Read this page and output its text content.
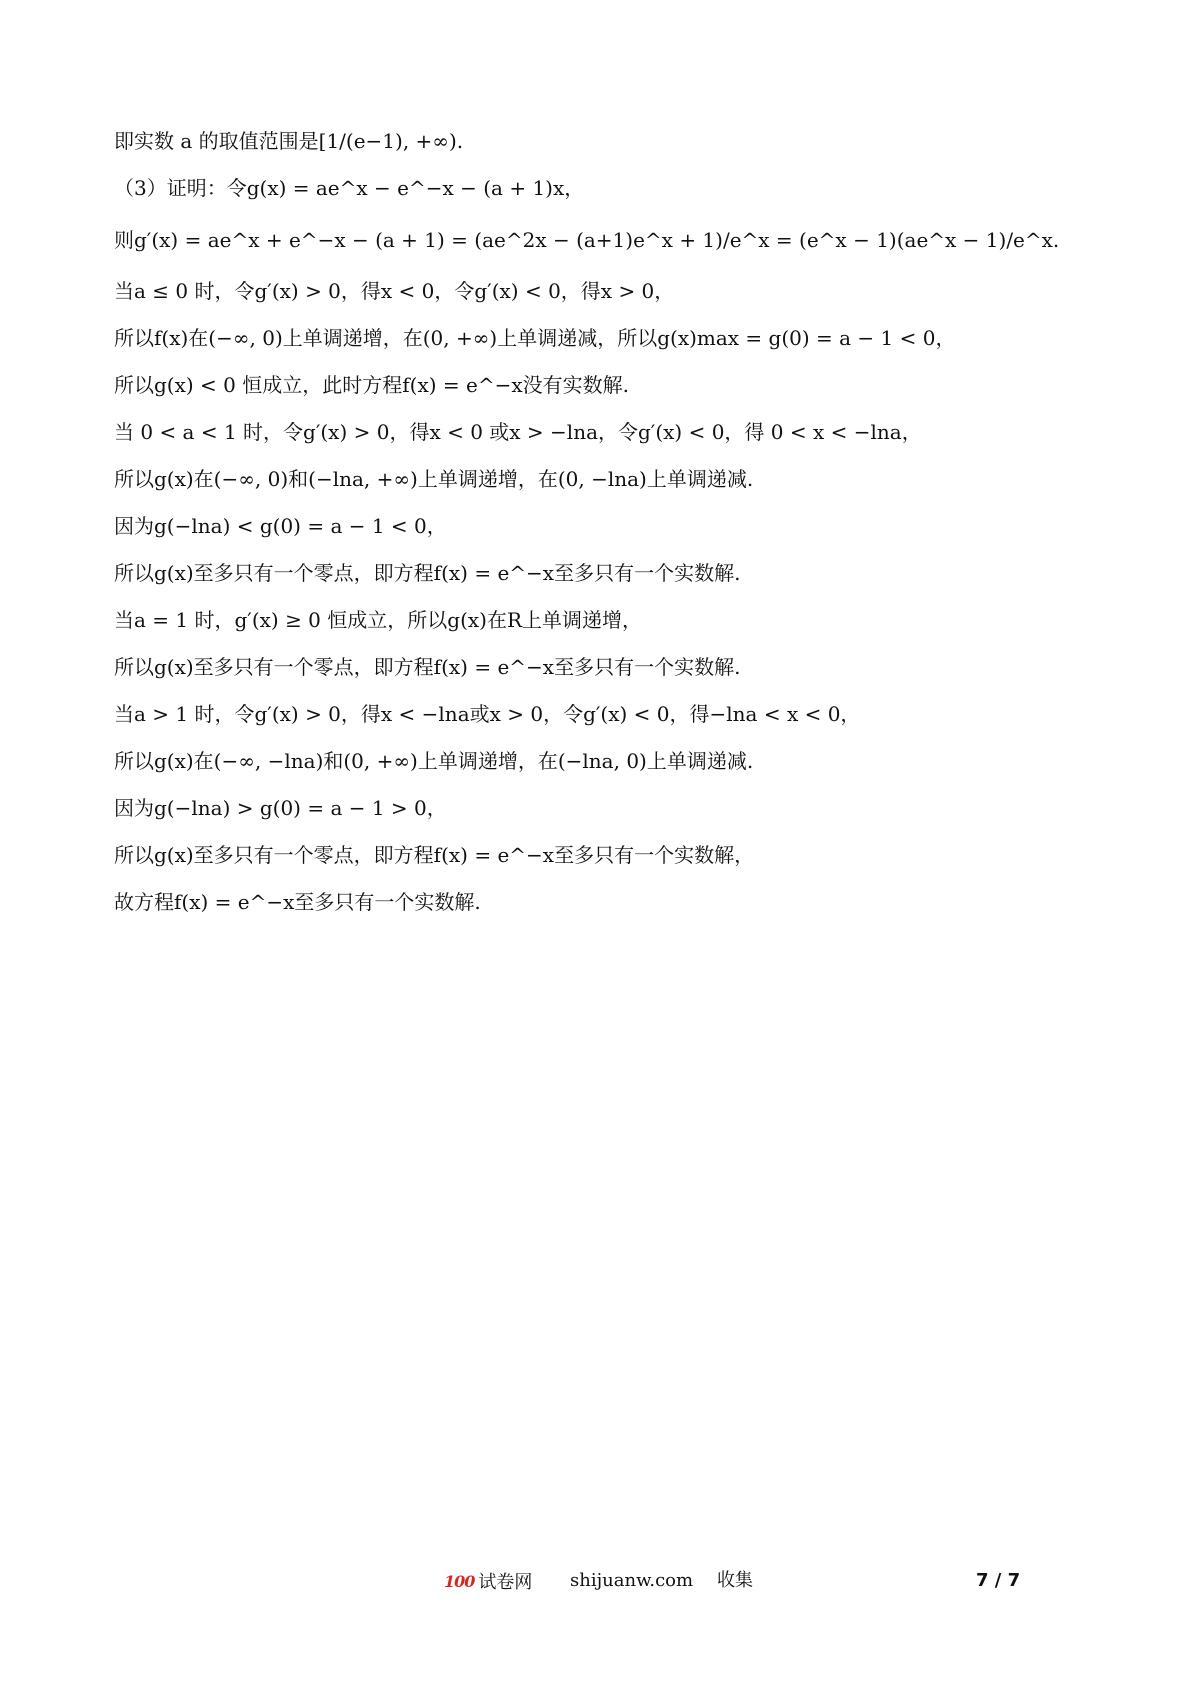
即实数 a 的取值范围是[1/(e−1), +∞).
（3）证明：令g(x) = ae^x − e^−x − (a + 1)x，
则g′(x) = ae^x + e^−x − (a + 1) = (ae^2x − (a+1)e^x + 1)/e^x = (e^x − 1)(ae^x − 1)/e^x.
当a ≤ 0 时，令g′(x) > 0，得x < 0，令g′(x) < 0，得x > 0，
所以f(x)在(−∞, 0)上单调递增，在(0, +∞)上单调递减，所以g(x)max = g(0) = a − 1 < 0，
所以g(x) < 0 恒成立，此时方程f(x) = e^−x没有实数解.
当 0 < a < 1 时，令g′(x) > 0，得x < 0 或x > −lna，令g′(x) < 0，得 0 < x < −lna，
所以g(x)在(−∞, 0)和(−lna, +∞)上单调递增，在(0, −lna)上单调递减.
因为g(−lna) < g(0) = a − 1 < 0，
所以g(x)至多只有一个零点，即方程f(x) = e^−x至多只有一个实数解.
当a = 1 时，g′(x) ≥ 0 恒成立，所以g(x)在R上单调递增，
所以g(x)至多只有一个零点，即方程f(x) = e^−x至多只有一个实数解.
当a > 1 时，令g′(x) > 0，得x < −lna或x > 0，令g′(x) < 0，得−lna < x < 0，
所以g(x)在(−∞, −lna)和(0, +∞)上单调递增，在(−lna, 0)上单调递减.
因为g(−lna) > g(0) = a − 1 > 0，
所以g(x)至多只有一个零点，即方程f(x) = e^−x至多只有一个实数解，
故方程f(x) = e^−x至多只有一个实数解.
100 试卷网 shijuanw.com 收集	7 / 7
